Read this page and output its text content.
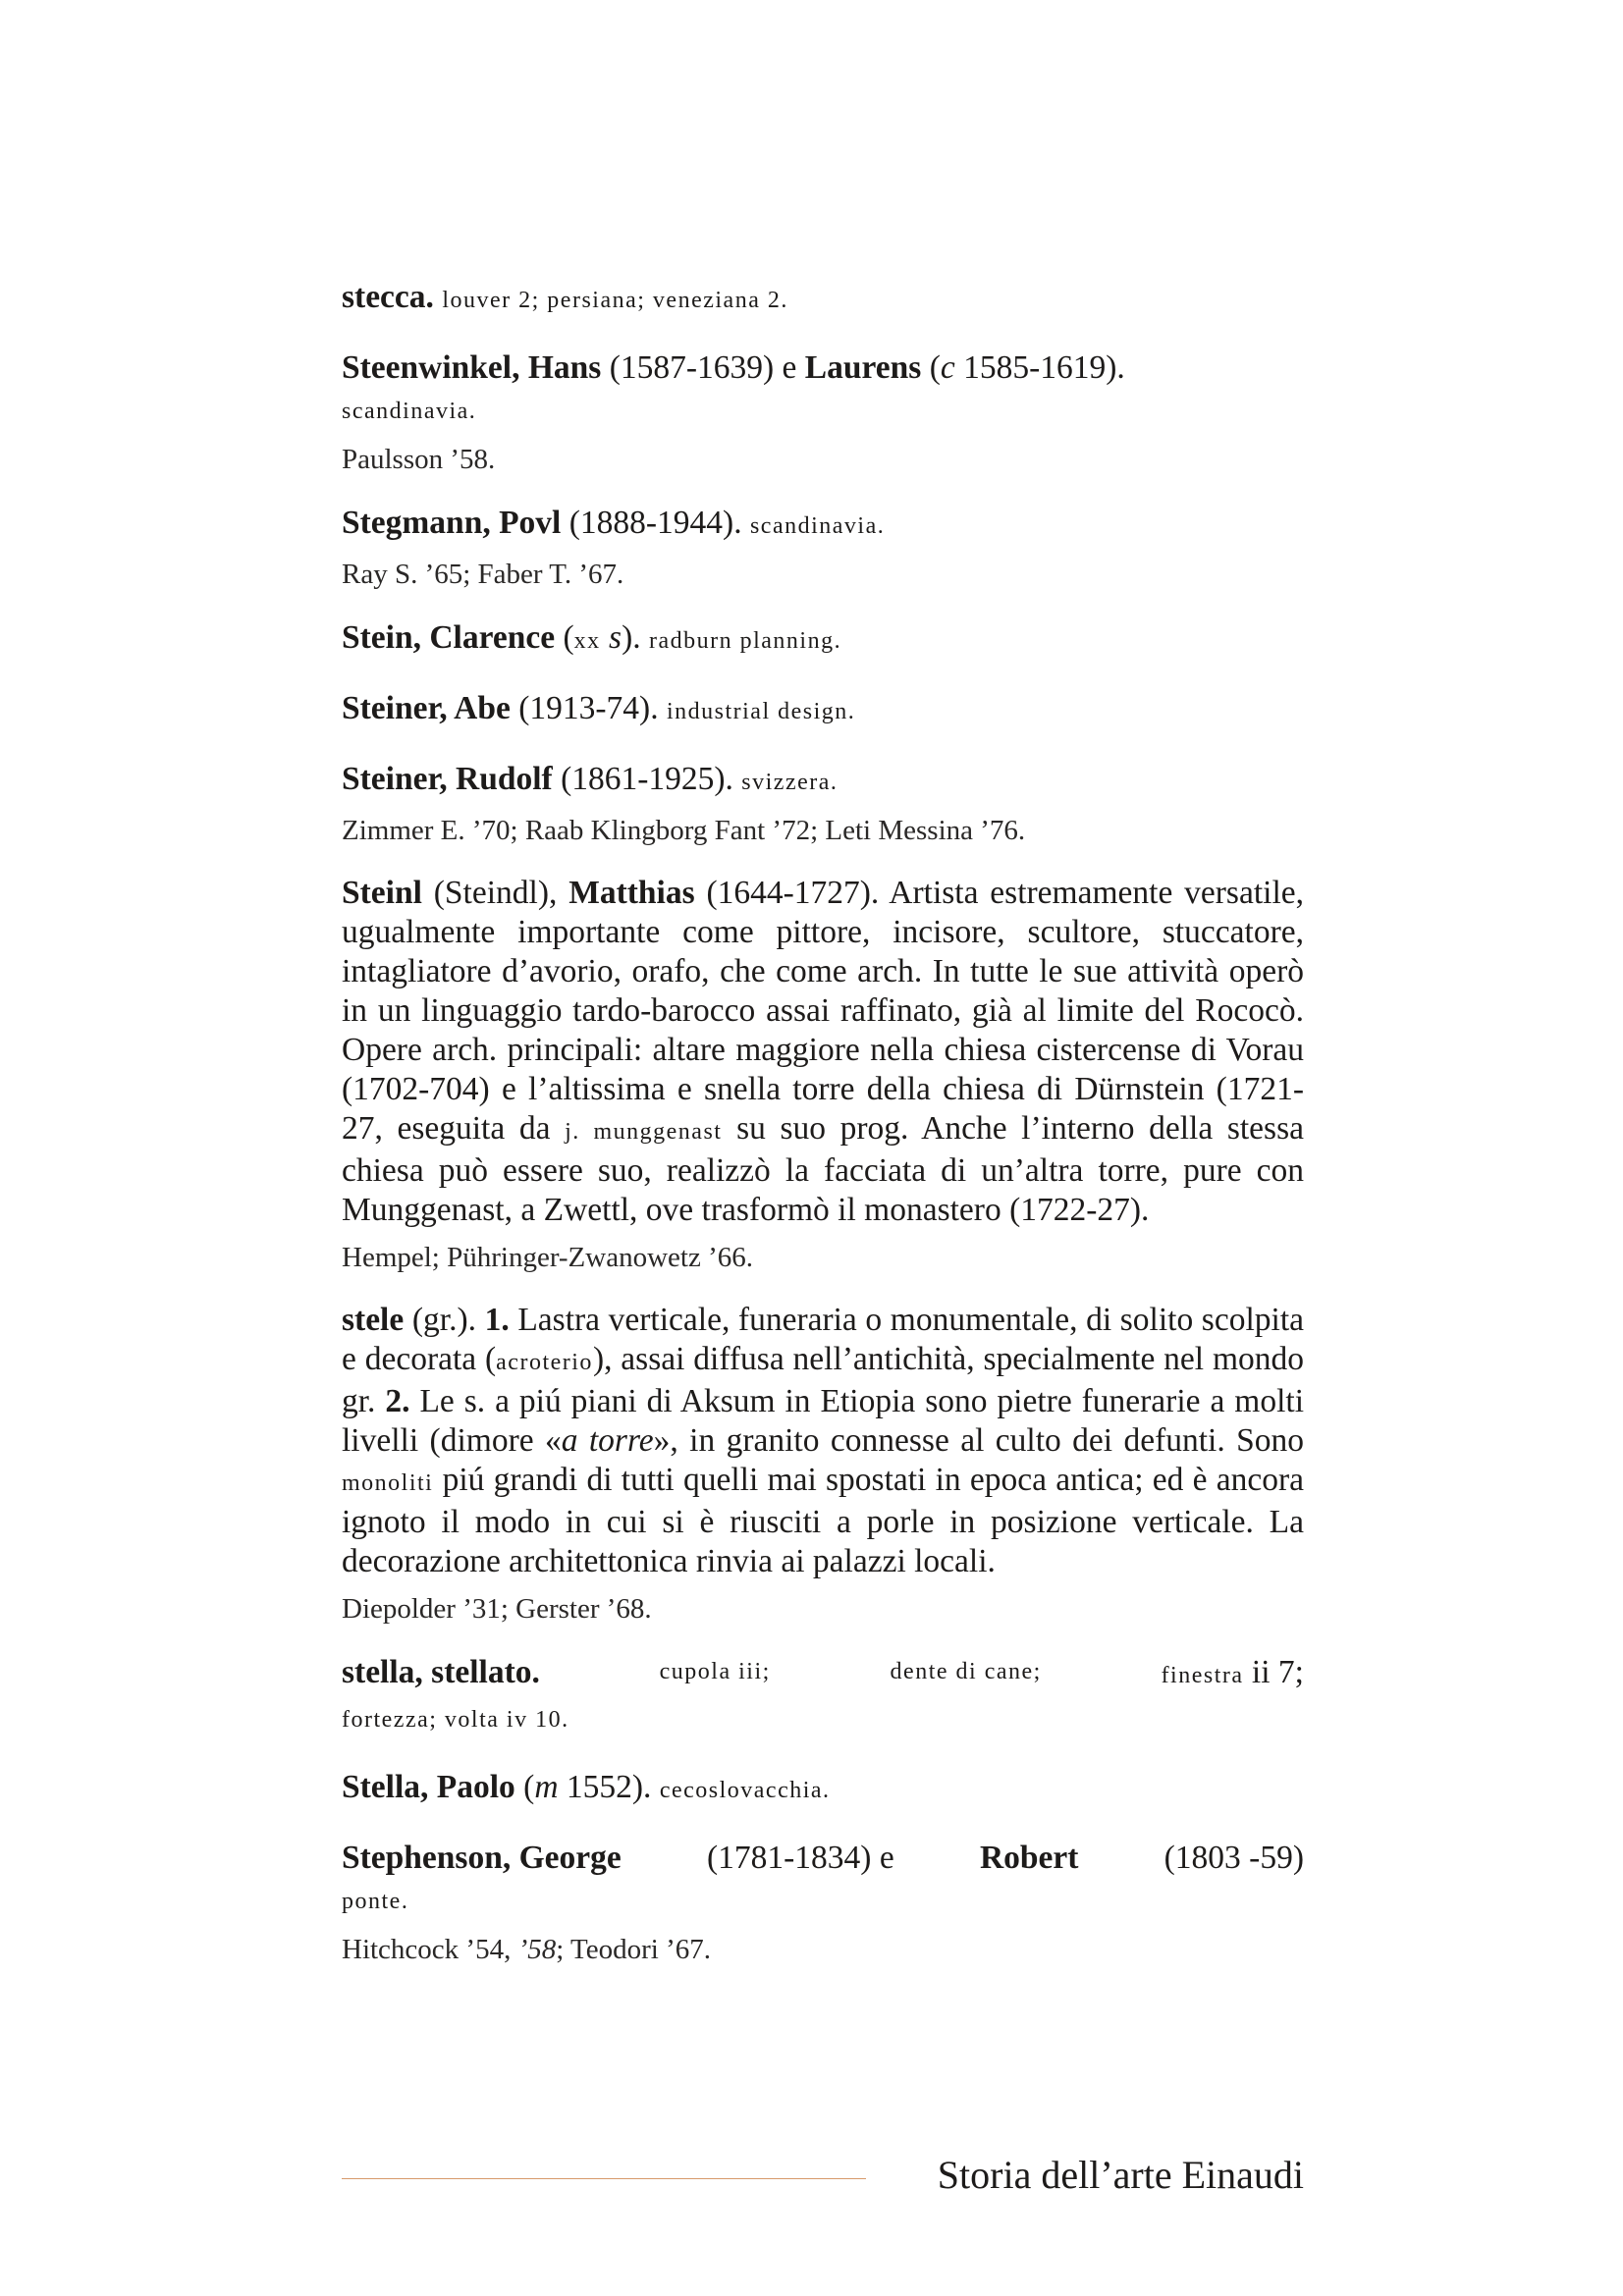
stecca. louver 2; persiana; veneziana 2.
Steenwinkel, Hans (1587-1639) e Laurens (c 1585-1619).
scandinavia.
Paulsson ’58.
Stegmann, Povl (1888-1944). scandinavia.
Ray S. ’65; Faber T. ’67.
Stein, Clarence (xx s). radburn planning.
Steiner, Abe (1913-74). industrial design.
Steiner, Rudolf (1861-1925). svizzera.
Zimmer E. ’70; Raab Klingborg Fant ’72; Leti Messina ’76.
Steinl (Steindl), Matthias (1644-1727). Artista estremamente versatile, ugualmente importante come pittore, incisore, scultore, stuccatore, intagliatore d’avorio, orafo, che come arch. In tutte le sue attività operò in un linguaggio tardo-barocco assai raffinato, già al limite del Rococò. Opere arch. principali: altare maggiore nella chiesa cistercense di Vorau (1702-704) e l’altissima e snella torre della chiesa di Dürnstein (1721-27, eseguita da j. munggenast su suo prog. Anche l’interno della stessa chiesa può essere suo, realizzò la facciata di un’altra torre, pure con Munggenast, a Zwettl, ove trasformò il monastero (1722-27).
Hempel; Pühringer-Zwanowetz ’66.
stele (gr.). 1. Lastra verticale, funeraria o monumentale, di solito scolpita e decorata (acroterio), assai diffusa nell’antichità, specialmente nel mondo gr. 2. Le s. a piú piani di Aksum in Etiopia sono pietre funerarie a molti livelli (dimore «a torre», in granito connesse al culto dei defunti. Sono monoliti piú grandi di tutti quelli mai spostati in epoca antica; ed è ancora ignoto il modo in cui si è riusciti a porle in posizione verticale. La decorazione architettonica rinvia ai palazzi locali.
Diepolder ’31; Gerster ’68.
stella, stellato.	cupola iii;	dente di cane;	finestra ii 7;
fortezza; volta iv 10.
Stella, Paolo (m 1552). cecoslovacchia.
Stephenson, George	(1781-1834) e	Robert	(1803 -59)
ponte.
Hitchcock ’54, ’58; Teodori ’67.
Storia dell’arte Einaudi
